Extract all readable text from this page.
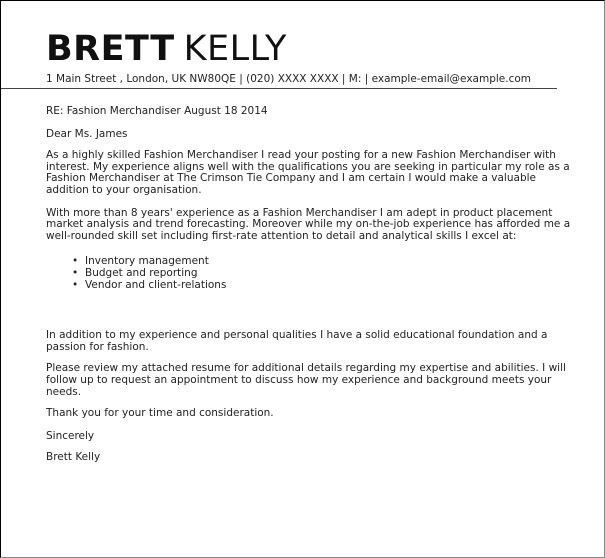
BRETT KELLY
1 Main Street , London, UK NW80QE | (020) XXXX XXXX | M: | example-email@example.com

RE: Fashion Merchandiser August 18 2014

Dear Ms. James

As a highly skilled Fashion Merchandiser I read your posting for a new Fashion Merchandiser with interest. My experience aligns well with the qualifications you are seeking in particular my role as a Fashion Merchandiser at The Crimson Tie Company and I am certain I would make a valuable addition to your organisation.

With more than 8 years' experience as a Fashion Merchandiser I am adept in product placement market analysis and trend forecasting. Moreover while my on-the-job experience has afforded me a well-rounded skill set including first-rate attention to detail and analytical skills I excel at:

• Inventory management
• Budget and reporting
• Vendor and client-relations

In addition to my experience and personal qualities I have a solid educational foundation and a passion for fashion.

Please review my attached resume for additional details regarding my expertise and abilities. I will follow up to request an appointment to discuss how my experience and background meets your needs.

Thank you for your time and consideration.

Sincerely

Brett Kelly
